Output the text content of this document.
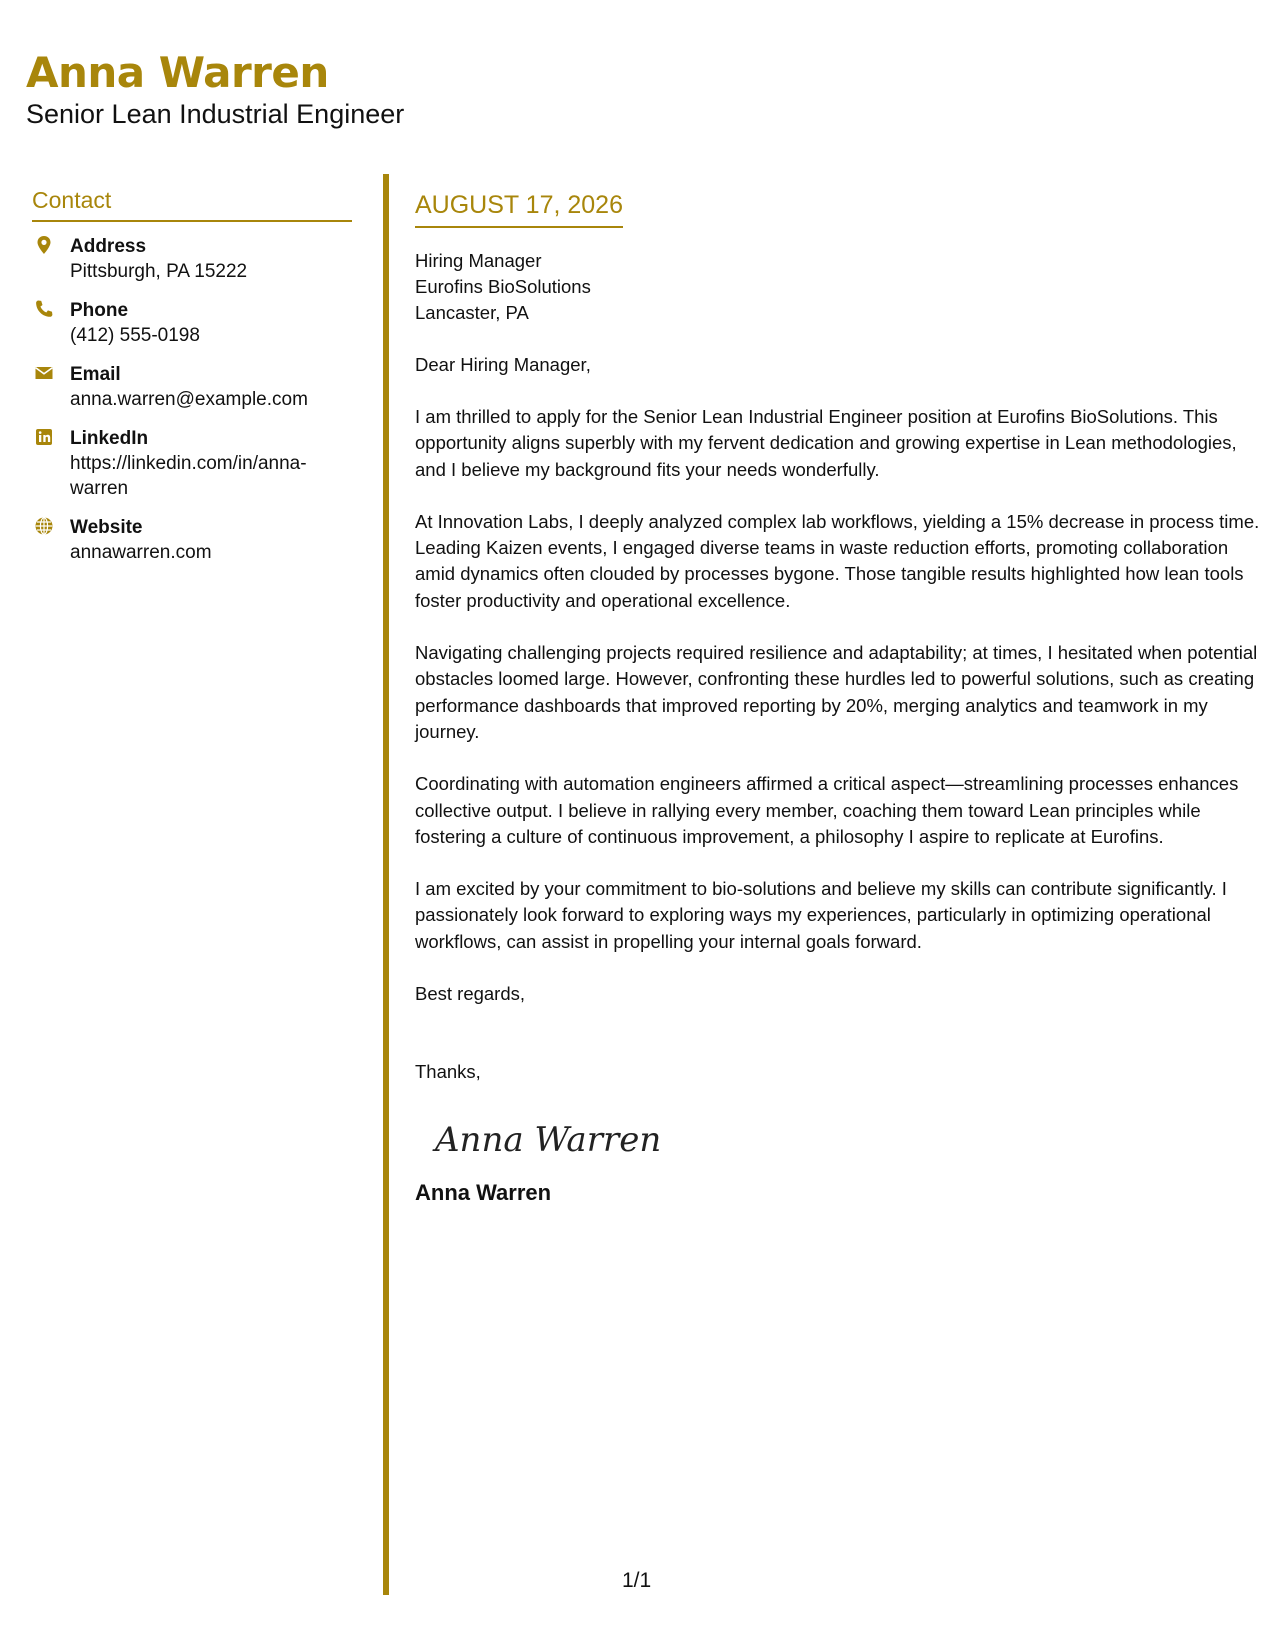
Anna Warren
Senior Lean Industrial Engineer
Contact
Address
Pittsburgh, PA 15222
Phone
(412) 555-0198
Email
anna.warren@example.com
LinkedIn
https://linkedin.com/in/anna-warren
Website
annawarren.com
AUGUST 17, 2026
Hiring Manager
Eurofins BioSolutions
Lancaster, PA
Dear Hiring Manager,
I am thrilled to apply for the Senior Lean Industrial Engineer position at Eurofins BioSolutions. This opportunity aligns superbly with my fervent dedication and growing expertise in Lean methodologies, and I believe my background fits your needs wonderfully.
At Innovation Labs, I deeply analyzed complex lab workflows, yielding a 15% decrease in process time. Leading Kaizen events, I engaged diverse teams in waste reduction efforts, promoting collaboration amid dynamics often clouded by processes bygone. Those tangible results highlighted how lean tools foster productivity and operational excellence.
Navigating challenging projects required resilience and adaptability; at times, I hesitated when potential obstacles loomed large. However, confronting these hurdles led to powerful solutions, such as creating performance dashboards that improved reporting by 20%, merging analytics and teamwork in my journey.
Coordinating with automation engineers affirmed a critical aspect—streamlining processes enhances collective output. I believe in rallying every member, coaching them toward Lean principles while fostering a culture of continuous improvement, a philosophy I aspire to replicate at Eurofins.
I am excited by your commitment to bio-solutions and believe my skills can contribute significantly. I passionately look forward to exploring ways my experiences, particularly in optimizing operational workflows, can assist in propelling your internal goals forward.
Best regards,
Thanks,
Anna Warren
Anna Warren
1/1
